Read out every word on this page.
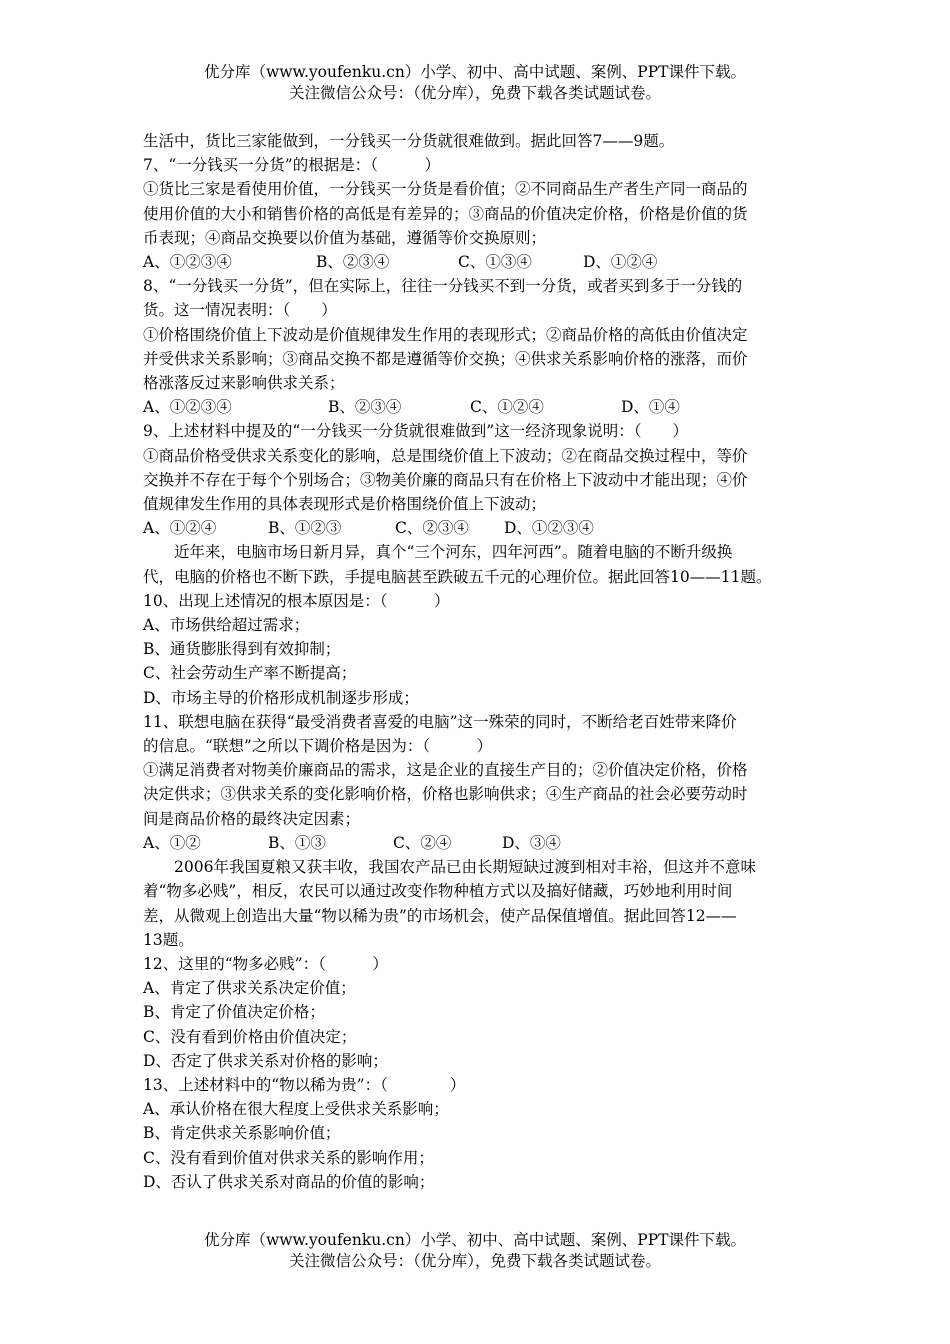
优分库（www.youfenku.cn）小学、初中、高中试题、案例、PPT课件下载。
关注微信公众号：（优分库），免费下载各类试题试卷。

生活中，货比三家能做到，一分钱买一分货就很难做到。据此回答7——9题。

7、“一分钱买一分货”的根据是：（　　　）

①货比三家是看使用价值，一分钱买一分货是看价值；②不同商品生产者生产同一商品的

使用价值的大小和销售价格的高低是有差异的；③商品的价值决定价格，价格是价值的货

币表现；④商品交换要以价值为基础，遵循等价交换原则；

A、①②③④	B、②③④	C、①③④	D、①②④

8、“一分钱买一分货”，但在实际上，往往一分钱买不到一分货，或者买到多于一分钱的

货。这一情况表明：（　　）

①价格围绕价值上下波动是价值规律发生作用的表现形式；②商品价格的高低由价值决定

并受供求关系影响；③商品交换不都是遵循等价交换；④供求关系影响价格的涨落，而价

格涨落反过来影响供求关系；

A、①②③④	B、②③④	C、①②④	D、①④

9、上述材料中提及的“一分钱买一分货就很难做到”这一经济现象说明：（　　）

①商品价格受供求关系变化的影响，总是围绕价值上下波动；②在商品交换过程中，等价

交换并不存在于每个个别场合；③物美价廉的商品只有在价格上下波动中才能出现；④价

值规律发生作用的具体表现形式是价格围绕价值上下波动；

A、①②④	B、①②③	C、②③④ D、①②③④

近年来，电脑市场日新月异，真个“三个河东，四年河西”。随着电脑的不断升级换

代，电脑的价格也不断下跌，手提电脑甚至跌破五千元的心理价位。据此回答10——11题。

10、出现上述情况的根本原因是：（　　　）

A、市场供给超过需求；

B、通货膨胀得到有效抑制；

C、社会劳动生产率不断提高；

D、市场主导的价格形成机制逐步形成；

11、联想电脑在获得“最受消费者喜爱的电脑”这一殊荣的同时，不断给老百姓带来降价

的信息。“联想”之所以下调价格是因为：（　　　）

①满足消费者对物美价廉商品的需求，这是企业的直接生产目的；②价值决定价格，价格

决定供求；③供求关系的变化影响价格，价格也影响供求；④生产商品的社会必要劳动时

间是商品价格的最终决定因素；

A、①②	B、①③	C、②④	D、③④

2006年我国夏粮又获丰收，我国农产品已由长期短缺过渡到相对丰裕，但这并不意味

着“物多必贱”，相反，农民可以通过改变作物种植方式以及搞好储藏，巧妙地利用时间

差，从微观上创造出大量“物以稀为贵”的市场机会，使产品保值增值。据此回答12——

13题。

12、这里的“物多必贱”：（　　　）

A、肯定了供求关系决定价值；

B、肯定了价值决定价格；

C、没有看到价格由价值决定；

D、否定了供求关系对价格的影响；

13、上述材料中的“物以稀为贵”：（　　　　）

A、承认价格在很大程度上受供求关系影响；

B、肯定供求关系影响价值；

C、没有看到价值对供求关系的影响作用；

D、否认了供求关系对商品的价值的影响；

优分库（www.youfenku.cn）小学、初中、高中试题、案例、PPT课件下载。
关注微信公众号：（优分库），免费下载各类试题试卷。
